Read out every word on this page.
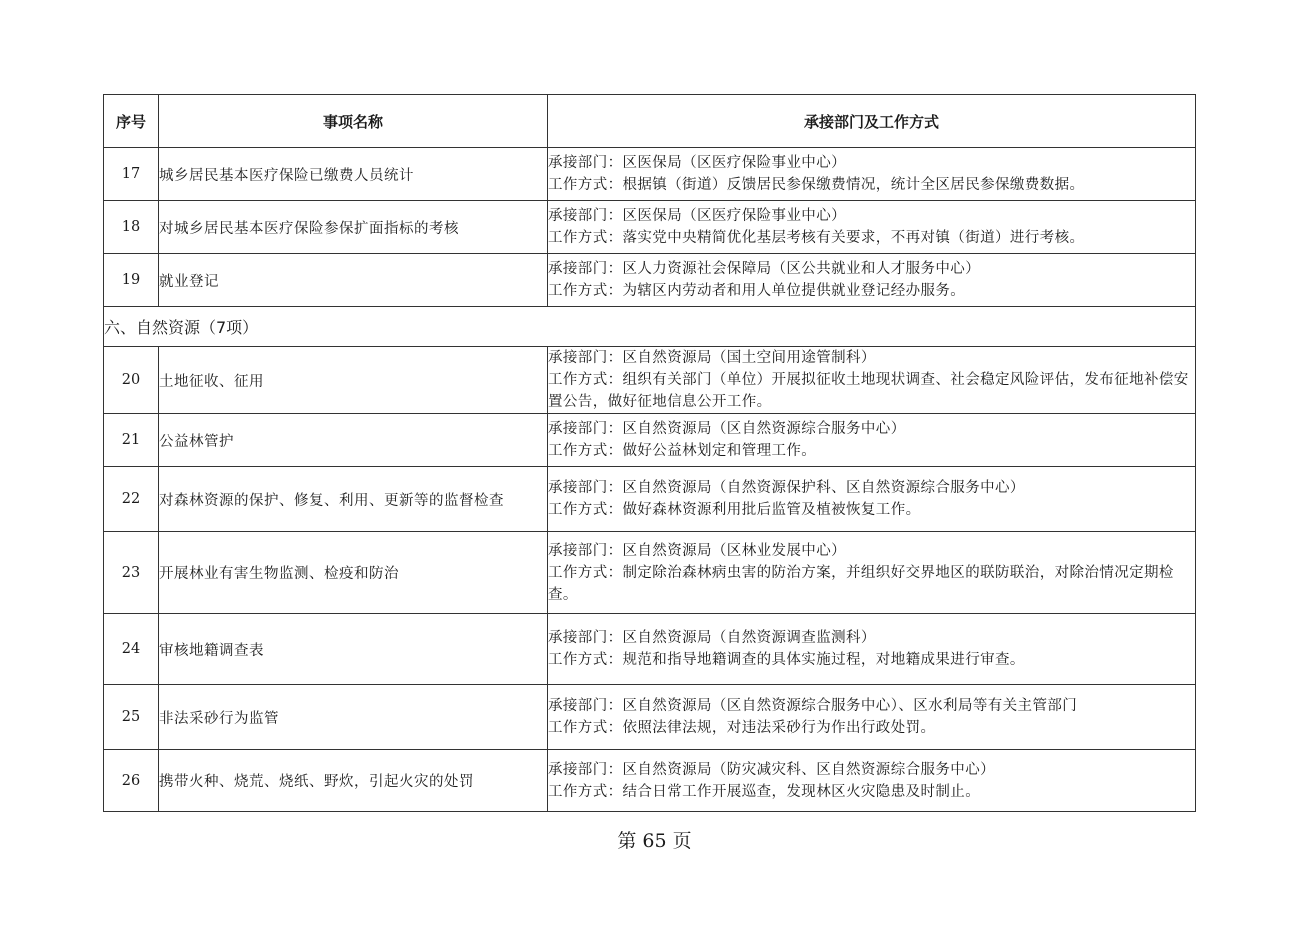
序号	事项名称	承接部门及工作方式
17	城乡居民基本医疗保险已缴费人员统计	承接部门：区医保局（区医疗保险事业中心）
工作方式：根据镇（街道）反馈居民参保缴费情况，统计全区居民参保缴费数据。

18	对城乡居民基本医疗保险参保扩面指标的考核	承接部门：区医保局（区医疗保险事业中心）
工作方式：落实党中央精简优化基层考核有关要求，不再对镇（街道）进行考核。

19	就业登记	承接部门：区人力资源社会保障局（区公共就业和人才服务中心）
工作方式：为辖区内劳动者和用人单位提供就业登记经办服务。

六、自然资源（7项）		
20	土地征收、征用	承接部门：区自然资源局（国土空间用途管制科）
工作方式：组织有关部门（单位）开展拟征收土地现状调查、社会稳定风险评估，发布征地补偿安置公告，做好征地信息公开工作。

21	公益林管护	承接部门：区自然资源局（区自然资源综合服务中心）
工作方式：做好公益林划定和管理工作。

22	对森林资源的保护、修复、利用、更新等的监督检查	承接部门：区自然资源局（自然资源保护科、区自然资源综合服务中心）
工作方式：做好森林资源利用批后监管及植被恢复工作。

23	开展林业有害生物监测、检疫和防治	承接部门：区自然资源局（区林业发展中心）
工作方式：制定除治森林病虫害的防治方案，并组织好交界地区的联防联治，对除治情况定期检查。

24	审核地籍调查表	承接部门：区自然资源局（自然资源调查监测科）
工作方式：规范和指导地籍调查的具体实施过程，对地籍成果进行审查。

25	非法采砂行为监管	承接部门：区自然资源局（区自然资源综合服务中心）、区水利局等有关主管部门
工作方式：依照法律法规，对违法采砂行为作出行政处罚。

26	携带火种、烧荒、烧纸、野炊，引起火灾的处罚	承接部门：区自然资源局（防灾减灾科、区自然资源综合服务中心）
工作方式：结合日常工作开展巡查，发现林区火灾隐患及时制止。
第 65 页
